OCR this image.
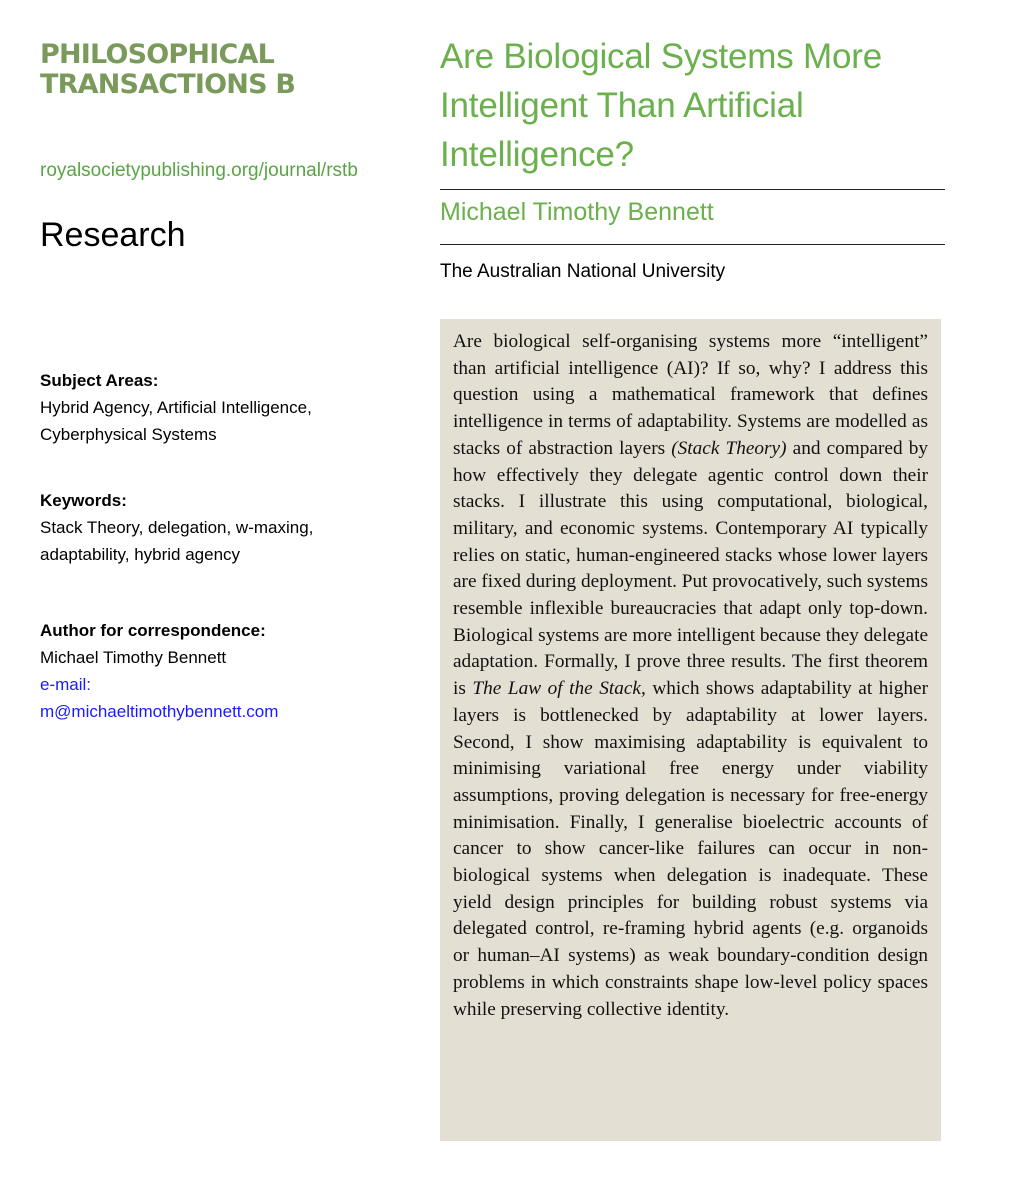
PHILOSOPHICAL
TRANSACTIONS B
royalsocietypublishing.org/journal/rstb
Research
Subject Areas:
Hybrid Agency, Artificial Intelligence,
Cyberphysical Systems
Keywords:
Stack Theory, delegation, w-maxing,
adaptability, hybrid agency
Author for correspondence:
Michael Timothy Bennett
e-mail:
m@michaeltimothybennett.com
Are Biological Systems More Intelligent Than Artificial Intelligence?
Michael Timothy Bennett
The Australian National University
Are biological self-organising systems more “intelligent” than artificial intelligence (AI)? If so, why? I address this question using a mathematical framework that defines intelligence in terms of adaptability. Systems are modelled as stacks of abstraction layers (Stack Theory) and compared by how effectively they delegate agentic control down their stacks. I illustrate this using computational, biological, military, and economic systems. Contemporary AI typically relies on static, human-engineered stacks whose lower layers are fixed during deployment. Put provocatively, such systems resemble inflexible bureaucracies that adapt only top-down. Biological systems are more intelligent because they delegate adaptation. Formally, I prove three results. The first theorem is The Law of the Stack, which shows adaptability at higher layers is bottlenecked by adaptability at lower layers. Second, I show maximising adaptability is equivalent to minimising variational free energy under viability assumptions, proving delegation is necessary for free-energy minimisation. Finally, I generalise bioelectric accounts of cancer to show cancer-like failures can occur in non-biological systems when delegation is inadequate. These yield design principles for building robust systems via delegated control, re-framing hybrid agents (e.g. organoids or human–AI systems) as weak boundary-condition design problems in which constraints shape low-level policy spaces while preserving collective identity.
